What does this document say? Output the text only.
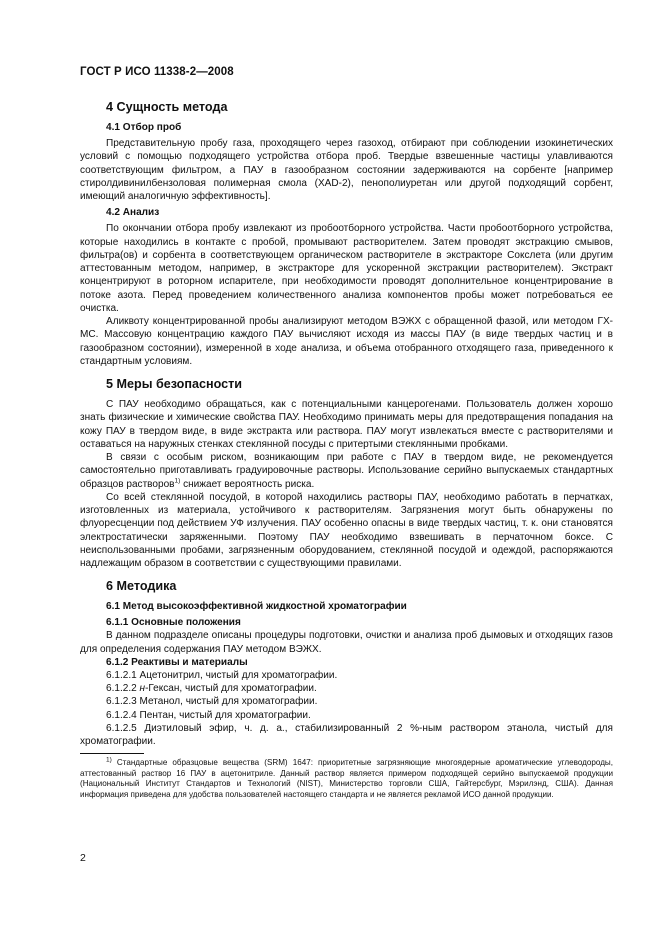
ГОСТ Р ИСО 11338-2—2008
4 Сущность метода
4.1 Отбор проб

Представительную пробу газа, проходящего через газоход, отбирают при соблюдении изокинетических условий с помощью подходящего устройства отбора проб. Твердые взвешенные частицы улавливаются соответствующим фильтром, а ПАУ в газообразном состоянии задерживаются на сорбенте [например стиролдивинилбензоловая полимерная смола (XAD-2), пенополиуретан или другой подходящий сорбент, имеющий аналогичную эффективность].

4.2 Анализ

По окончании отбора пробу извлекают из пробоотборного устройства. Части пробоотборного устройства, которые находились в контакте с пробой, промывают растворителем. Затем проводят экстракцию смывов, фильтра(ов) и сорбента в соответствующем органическом растворителе в экстракторе Сокслета (или другим аттестованным методом, например, в экстракторе для ускоренной экстракции растворителем). Экстракт концентрируют в роторном испарителе, при необходимости проводят дополнительное концентрирование в потоке азота. Перед проведением количественного анализа компонентов пробы может потребоваться ее очистка.

Аликвоту концентрированной пробы анализируют методом ВЭЖХ с обращенной фазой, или методом ГХ-МС. Массовую концентрацию каждого ПАУ вычисляют исходя из массы ПАУ (в виде твердых частиц и в газообразном состоянии), измеренной в ходе анализа, и объема отобранного отходящего газа, приведенного к стандартным условиям.

5 Меры безопасности

С ПАУ необходимо обращаться, как с потенциальными канцерогенами. Пользователь должен хорошо знать физические и химические свойства ПАУ. Необходимо принимать меры для предотвращения попадания на кожу ПАУ в твердом виде, в виде экстракта или раствора. ПАУ могут извлекаться вместе с растворителями и оставаться на наружных стенках стеклянной посуды с притертыми стеклянными пробками.

В связи с особым риском, возникающим при работе с ПАУ в твердом виде, не рекомендуется самостоятельно приготавливать градуировочные растворы. Использование серийно выпускаемых стандартных образцов растворов$^{1)}$ снижает вероятность риска.

Со всей стеклянной посудой, в которой находились растворы ПАУ, необходимо работать в перчатках, изготовленных из материала, устойчивого к растворителям. Загрязнения могут быть обнаружены по флуоресценции под действием УФ излучения. ПАУ особенно опасны в виде твердых частиц, т. к. они становятся электростатически заряженными. Поэтому ПАУ необходимо взвешивать в перчаточном боксе. С неиспользованными пробами, загрязненным оборудованием, стеклянной посудой и одеждой, распоряжаются надлежащим образом в соответствии с существующими правилами.

6 Методика
6.1 Метод высокоэффективной жидкостной хроматографии
6.1.1 Основные положения

В данном подразделе описаны процедуры подготовки, очистки и анализа проб дымовых и отходящих газов для определения содержания ПАУ методом ВЭЖХ.

6.1.2 Реактивы и материалы

6.1.2.1 Ацетонитрил, чистый для хроматографии.

6.1.2.2 н-Гексан, чистый для хроматографии.

6.1.2.3 Метанол, чистый для хроматографии.

6.1.2.4 Пентан, чистый для хроматографии.

6.1.2.5 Диэтиловый эфир, ч. д. а., стабилизированный 2 %-ным раствором этанола, чистый для хроматографии.

$^{1)}$ Стандартные образцовые вещества (SRM) 1647: приоритетные загрязняющие многоядерные ароматические углеводороды, аттестованный раствор 16 ПАУ в ацетонитриле. Данный раствор является примером подходящей серийно выпускаемой продукции (Национальный Институт Стандартов и Технологий (NIST), Министерство торговли США, Гайтерсбург, Мэрилэнд, США). Данная информация приведена для удобства пользователей настоящего стандарта и не является рекламой ИСО данной продукции.

2
